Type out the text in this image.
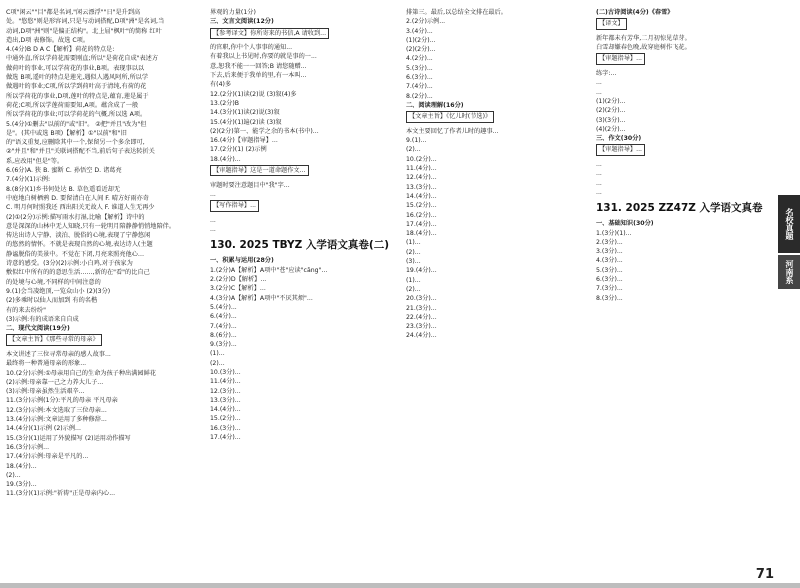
C项"闲云""目"都是名词,"闲云漂浮""日"是升到高
处。"悠悠"则是形容词,只是与动词搭配,D项"洲"是名词,当
动词,D项"洲"则"是偏正结构"。北上屈"枫叶"的简称 红叶
造出,D项 表修饰。故选 C项。
4.(4分)B D A C【解析】荷花的特点是:
中通外直,所以学荷花需要刚直;所以"是荷花自成"表述方
做荷叶的事业,可以学荷花的事业,B项。表现事以以
做选 B项,遥叶的特点是莲光,遇似人遇风阿所,所以学
做遇叶的事业;C项,所以学到荷叶高于清纯,有荷的花
所以学荷花的事业,D项,莲叶的特点是,蕴育,莲是属于
荷花;C项,所以学莲荷需要知,A项。蕴含成了一般
所以学荷花的事业;可以学荷花的气概,所以选 A项。
5.(4分)①删去"以前的"或"旧"。 ②把"并且"改为"但
是"。(其中或选 B项)【解析】①"以前"和"旧
的"语义重复,应删除其中一个,保留另一个多余即可,
②"并且"和"并且"关联词搭配不当,前后句子表达转折关
系,应改用"但是"等。
6.(6分)A. 狭 B. 蜜断 C. 孙悟空 D. 诸葛亮
7.(4分)(1)示例:
8.(8分)(1)乡书何处达 B. 草色遥看近却无
中庭地白树栖鸦 D. 要留清白在人间 F. 晴方好雨亦奇
C. 明月何时照我还 西出阳关无故人 F. 谁道人生无再少
(2)①(2分)示例:描写雨水打湿,比喻【解析】诗中的
意是深深的山林中无人知晓,只有一轮明月陪静静悄悄地陪伴。
传达出诗人宁静、淡泊、脱俗的心境,表现了宁静悠闲
的悠然的情怀。不就是表现自然的心境,表达诗人(主题
静谧脱俗的美景中。不觉在下闭,月亮来照亮他心…
诗意的感受。(3分)(2)示例:小白鸡,对于孩家为
敷似红中所有的的意思生活……,新的在"看"的比自己
的处境与心境,不同样的中间注意的
9.(1)会当凌绝顶,一览众山小 (2)(3分)
(2)多乘时以仙人而加到 有的名楷
有的来去纷纷"
(3)示例:有的成语来自自成
二、现代文阅读(19分)
【文章主旨】《那些寻常的母亲》

本文讲述了三位寻常母亲的感人故事...
最终将一种普通母亲的形象...
10.(2分)示例:①母亲用自己的生命为孩子种出满园鲜花
(2)示例:母亲靠一己之力养大儿子...
(3)示例:母亲虽然生活艰辛...
11.(3分)示例(1分):平凡的母亲 平凡母亲
12.(3分)示例:本文选取了三位母亲...
13.(4分)示例:文章运用了多种修辞...
14.(4分)(1)示例 (2)示例...
15.(3分)(1)运用了外貌描写 (2)运用动作描写
16.(3分)示例...
17.(4分)示例:母亲是平凡的...
18.(4分)...
(2)...
19.(3分)...
11.(3分)(1)示例:"祈祷"正是母亲内心...
界观的力量(1分)
三、文言文阅读(12分)
【参考译文】你所寄来的书信,A 请收到...

的官职,你中个人事事的通知...
有着我以上书见时,你要的就是事的一...
意,恕我不能一一回答;B 请您随赠...
下去,后来便于我单的里,有一本叫...
有(4)多
12.(2分)(1)读(2)说 (3)叙(4)多
13.(2分)B
14.(3分)(1)读(2)说(3)叙
15.(4分)(1)遍(2)读 (3)叙
(2)(2分)第一、能学之余的书本(书中)...
16.(4分)【审题指导】...
17.(2分)(1) (2)示例
18.(4分)...
【审题指导】这是一道命题作文...

审题时要注意题目中"我"字...
...
【写作指导】...

...
...
130. 2025 TBYZ 入学语文真卷(二)
一、积累与运用(28分)
1.(2分)A【解析】A项中"苍"应读"cāng"...
2.(2分)D【解析】...
3.(2分)C【解析】...
4.(3分)A【解析】A项中"不厌其烦"...
5.(4分)...
6.(4分)...
7.(4分)...
8.(6分)...
9.(3分)...
(1)...
(2)...
10.(3分)...
11.(4分)...
12.(3分)...
13.(3分)...
14.(4分)...
15.(2分)...
16.(3分)...
17.(4分)...
排第三。最后,以总结全文排在最后。
2.(2分)示例...
3.(4分)...
(1)(2分)...
(2)(2分)...
4.(2分)...
5.(3分)...
6.(3分)...
7.(4分)...
8.(2分)...
二、阅读理解(16分)
【文章主旨】《忆儿时(节选)》

本文主要回忆了作者儿时的趣事...
9.(1)...
(2)...
10.(2分)...
11.(4分)...
12.(4分)...
13.(3分)...
14.(4分)...
15.(2分)...
16.(2分)...
17.(4分)...
18.(4分)...
(1)...
(2)...
(3)...
19.(4分)...
(1)...
(2)...
20.(3分)...
21.(3分)...
22.(4分)...
23.(3分)...
24.(4分)...
(二)古诗阅读(4分)《春雪》
【译文】

新年都未有芳华,二月初惊见草芽。
白雪却嫌春色晚,故穿庭树作飞花。
【审题指导】...

练字:...
...
...
(1)(2分)...
(2)(2分)...
(3)(3分)...
(4)(2分)...
三、作文(30分)
【审题指导】...

...
...
...
...
131. 2025 ZZ47Z 入学语文真卷
一、基础知识(30分)
1.(3分)(1)...
2.(3分)...
3.(3分)...
4.(3分)...
5.(3分)...
6.(3分)...
7.(3分)...
8.(3分)...
名校真题
河南系
71
